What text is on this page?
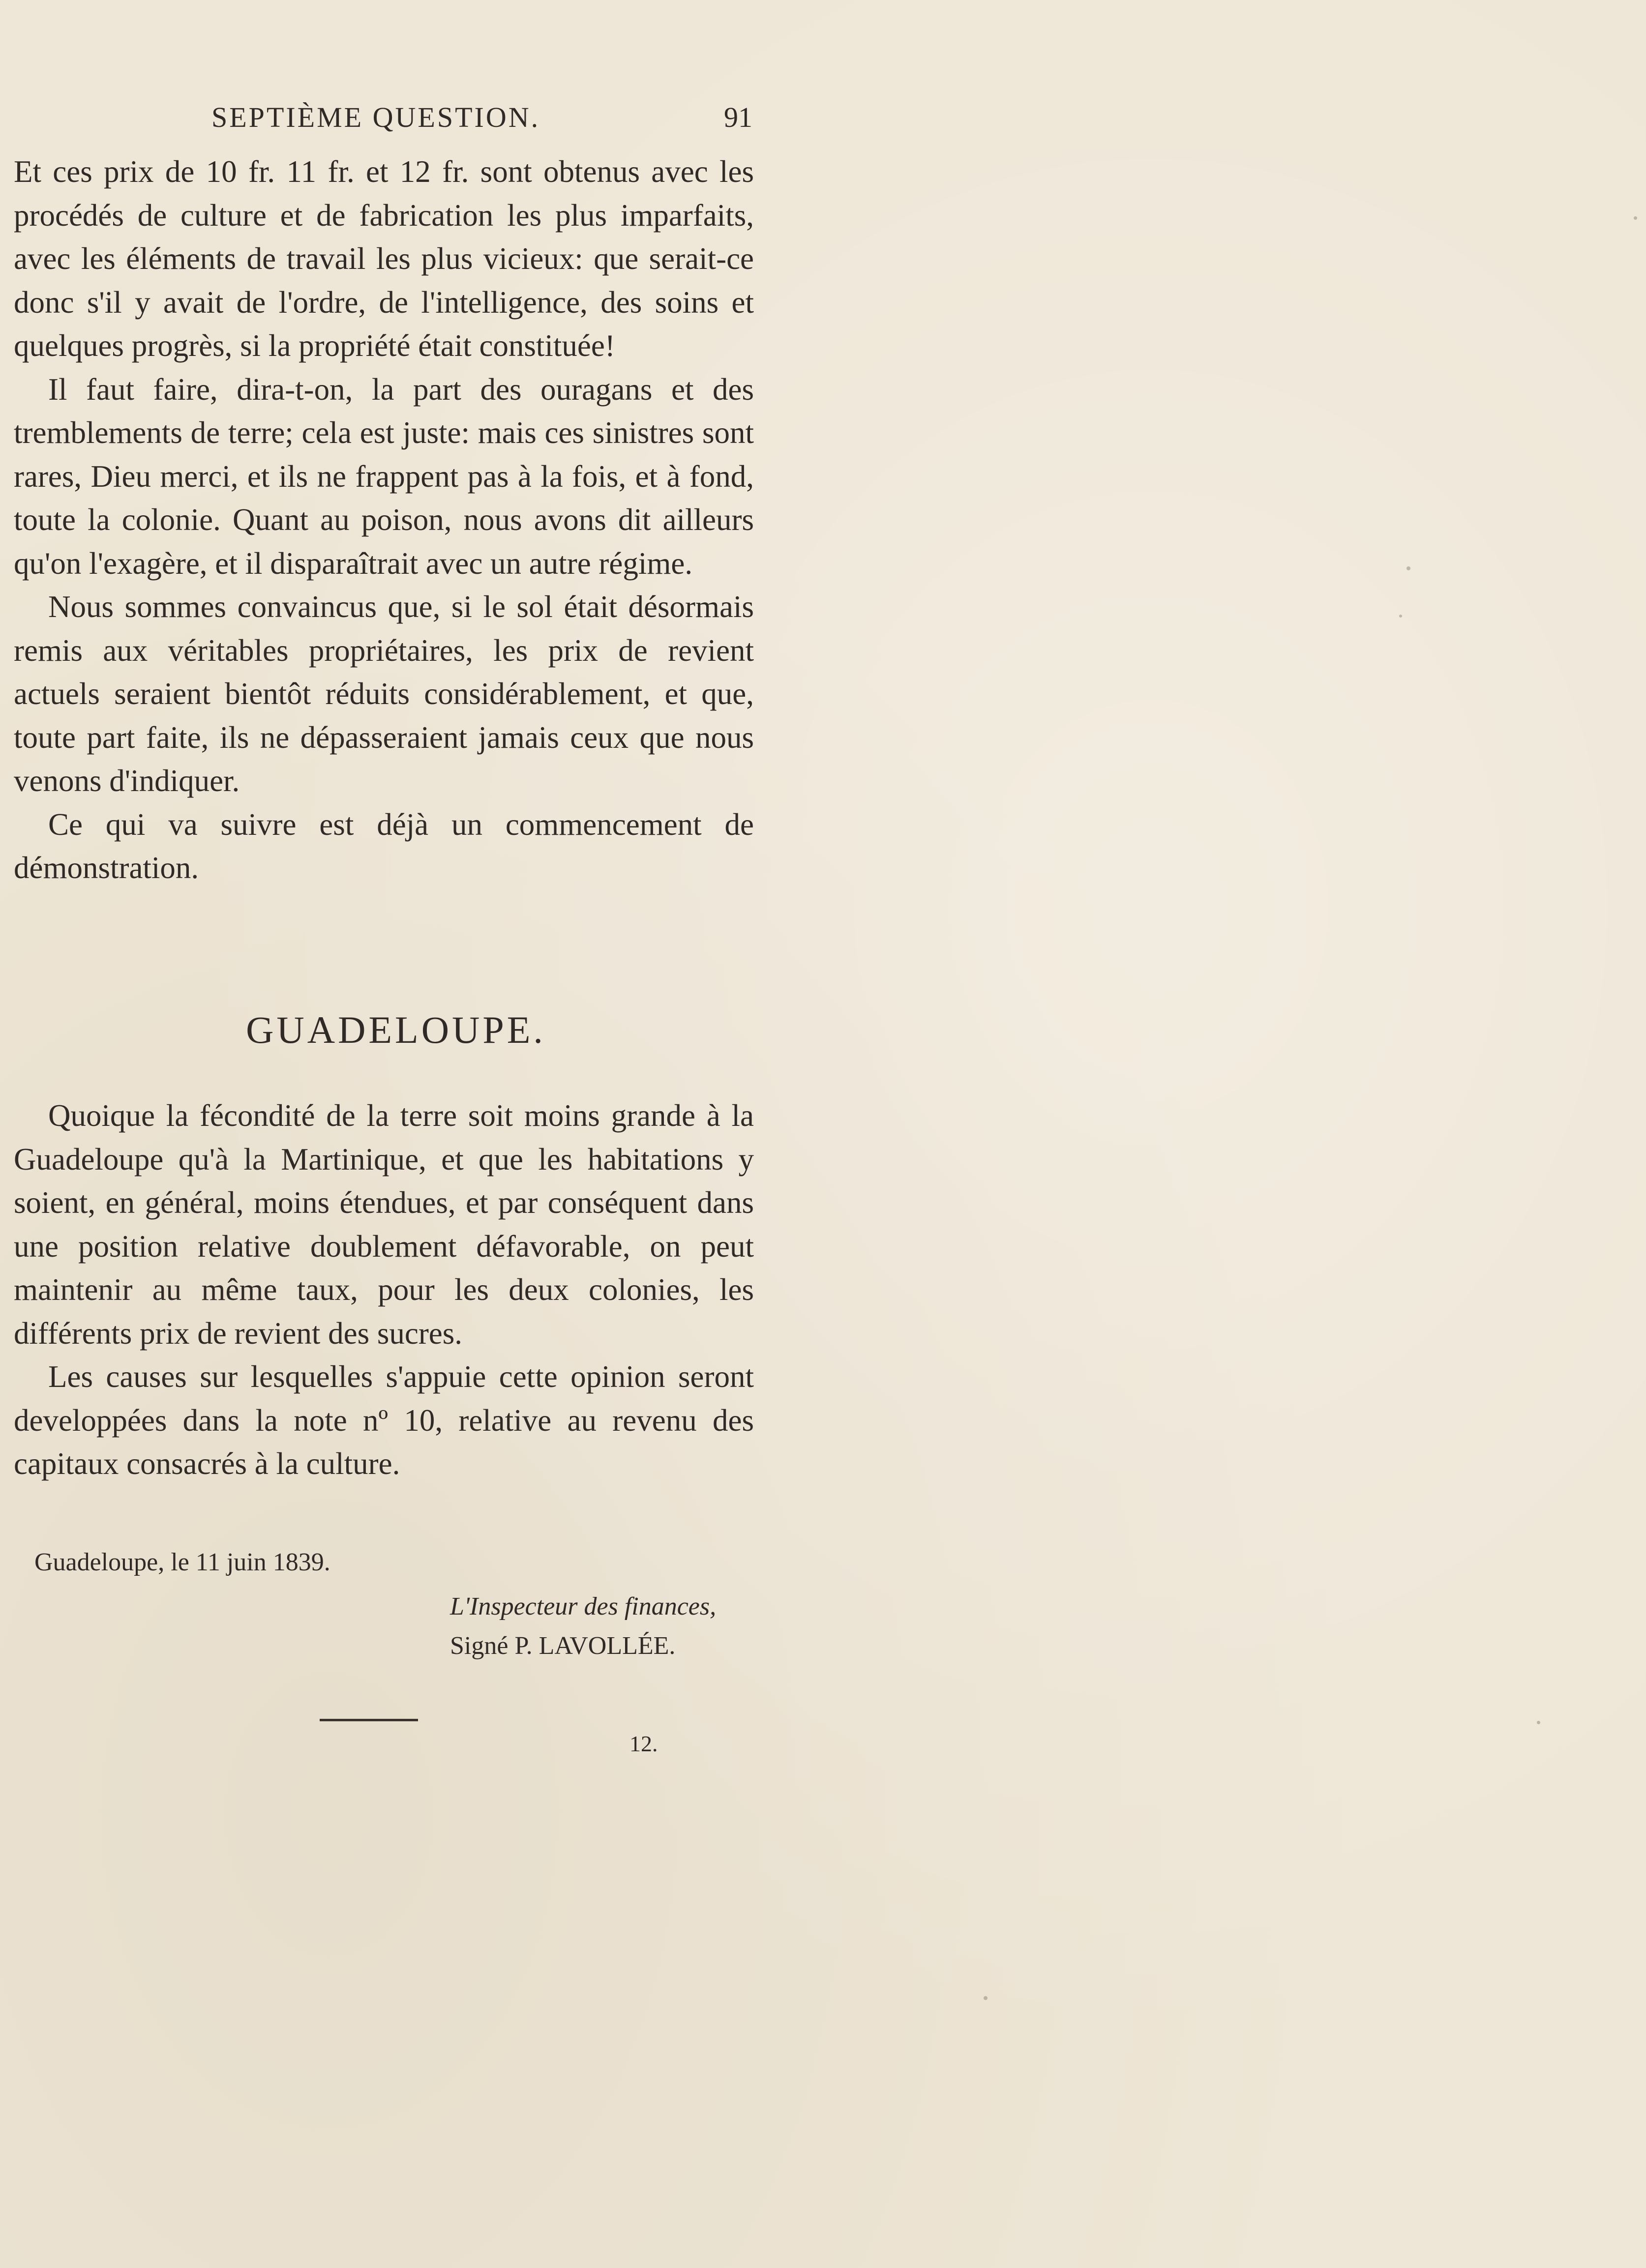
SEPTIÈME QUESTION.	91

Et ces prix de 10 fr. 11 fr. et 12 fr. sont obtenus avec les procédés de culture et de fabrication les plus imparfaits, avec les éléments de travail les plus vicieux: que serait-ce donc s'il y avait de l'ordre, de l'intelligence, des soins et quelques progrès, si la propriété était constituée!

Il faut faire, dira-t-on, la part des ouragans et des tremblements de terre; cela est juste: mais ces sinistres sont rares, Dieu merci, et ils ne frappent pas à la fois, et à fond, toute la colonie. Quant au poison, nous avons dit ailleurs qu'on l'exagère, et il disparaîtrait avec un autre régime.

Nous sommes convaincus que, si le sol était désormais remis aux véritables propriétaires, les prix de revient actuels seraient bientôt réduits considérablement, et que, toute part faite, ils ne dépasseraient jamais ceux que nous venons d'indiquer.

Ce qui va suivre est déjà un commencement de démonstration.

GUADELOUPE.

Quoique la fécondité de la terre soit moins grande à la Guadeloupe qu'à la Martinique, et que les habitations y soient, en général, moins étendues, et par conséquent dans une position relative doublement défavorable, on peut maintenir au même taux, pour les deux colonies, les différents prix de revient des sucres.

Les causes sur lesquelles s'appuie cette opinion seront developpées dans la note nº 10, relative au revenu des capitaux consacrés à la culture.

Guadeloupe, le 11 juin 1839.
L'Inspecteur des finances,
Signé P. LAVOLLÉE.
12.
